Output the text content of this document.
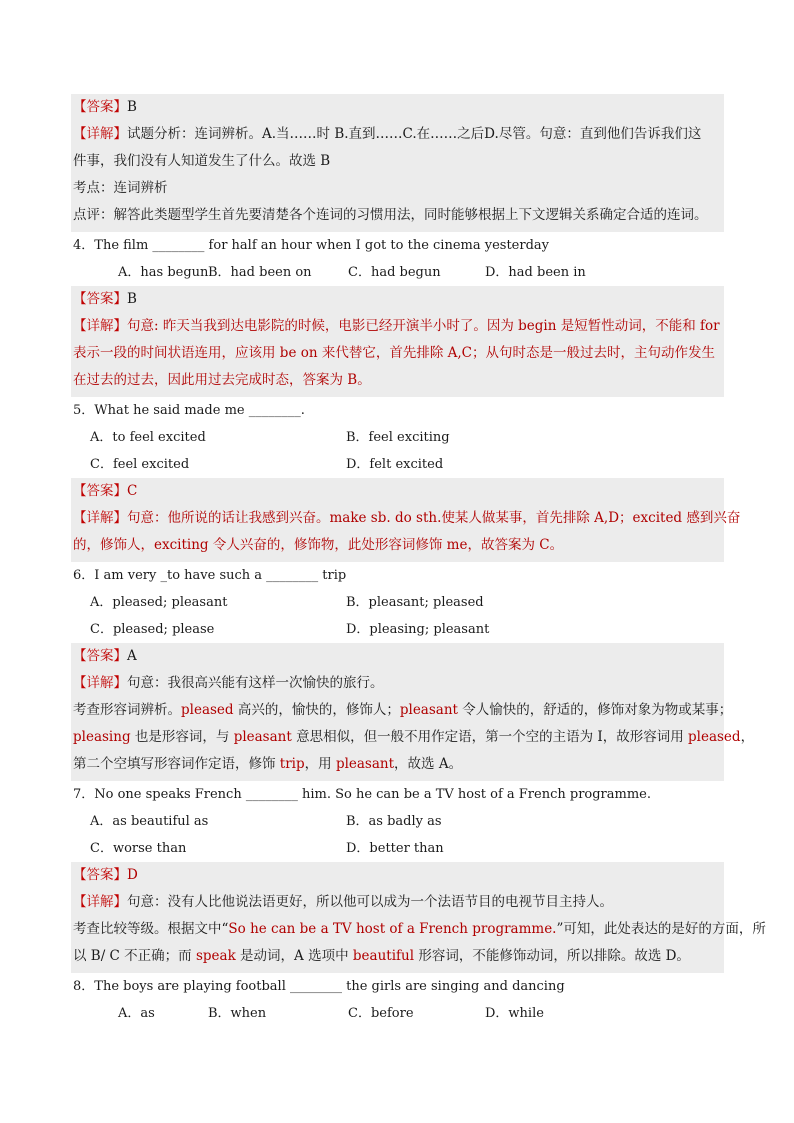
【答案】B
【详解】试题分析：连词辨析。A.当……时 B.直到……C.在……之后D.尽管。句意：直到他们告诉我们这
件事，我们没有人知道发生了什么。故选 B
考点：连词辨析
点评：解答此类题型学生首先要清楚各个连词的习惯用法，同时能够根据上下文逻辑关系确定合适的连词。
4．The film ________ for half an hour when I got to the cinema yesterday
A．has begun B．had been on	C．had begun	D．had been in
【答案】B
【详解】句意: 昨天当我到达电影院的时候，电影已经开演半小时了。因为 begin 是短暂性动词，不能和 for
表示一段的时间状语连用，应该用 be on 来代替它，首先排除 A,C；从句时态是一般过去时，主句动作发生
在过去的过去，因此用过去完成时态，答案为 B。
5．What he said made me ________.
A．to feel excited	B．feel exciting
C．feel excited	D．felt excited
【答案】C
【详解】句意：他所说的话让我感到兴奋。make sb. do sth.使某人做某事，首先排除 A,D；excited 感到兴奋
的，修饰人，exciting 令人兴奋的，修饰物，此处形容词修饰 me，故答案为 C。
6．I am very _to have such a ________ trip
A．pleased; pleasant	B．pleasant; pleased
C．pleased; please	D．pleasing; pleasant
【答案】A
【详解】句意：我很高兴能有这样一次愉快的旅行。
考查形容词辨析。pleased 高兴的，愉快的，修饰人；pleasant 令人愉快的，舒适的，修饰对象为物或某事；
pleasing 也是形容词，与 pleasant 意思相似，但一般不用作定语，第一个空的主语为 I，故形容词用 pleased，
第二个空填写形容词作定语，修饰 trip，用 pleasant，故选 A。
7．No one speaks French ________ him. So he can be a TV host of a French programme.
A．as beautiful as	B．as badly as
C．worse than	D．better than
【答案】D
【详解】句意：没有人比他说法语更好，所以他可以成为一个法语节目的电视节目主持人。
考查比较等级。根据文中“So he can be a TV host of a French programme.”可知，此处表达的是好的方面，所
以 B/ C 不正确；而 speak 是动词，A 选项中 beautiful 形容词，不能修饰动词，所以排除。故选 D。
8．The boys are playing football ________ the girls are singing and dancing
A．as	B．when	C．before	D．while
